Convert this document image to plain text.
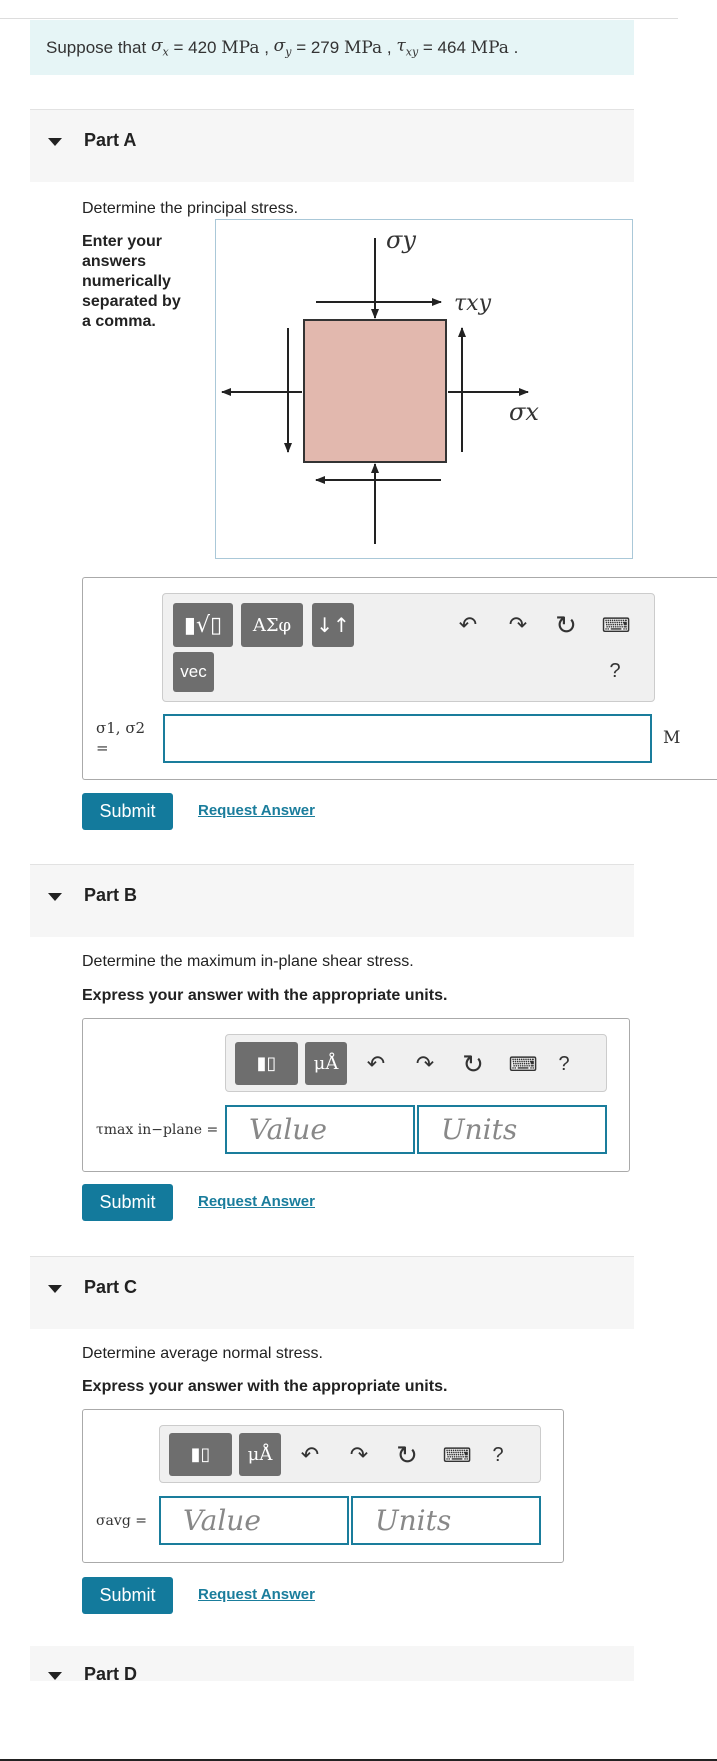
Suppose that
$\sigma_x = 420$
MPa , $\sigma_y = 279$
MPa , $\tau_{xy} = 464$
MPa .
Part A
Determine the principal stress.
Enter your answers numerically separated by a comma.
σy
τxy
σx
▮√▯	ΑΣφ	↓↑
vec
↶ ↷ ↻ ⌨
?
σ1, σ2 =	M
Submit	Request Answer
Part B
Determine the maximum in-plane shear stress.
Express your answer with the appropriate units.
▮▯	μÅ	↶ ↷ ↻ ⌨	?
τmax in−plane = Value	Units
Submit	Request Answer
Part C
Determine average normal stress.
Express your answer with the appropriate units.
▮▯	μÅ	↶ ↷ ↻ ⌨	?
σavg = Value	Units
Submit	Request Answer
Part D
